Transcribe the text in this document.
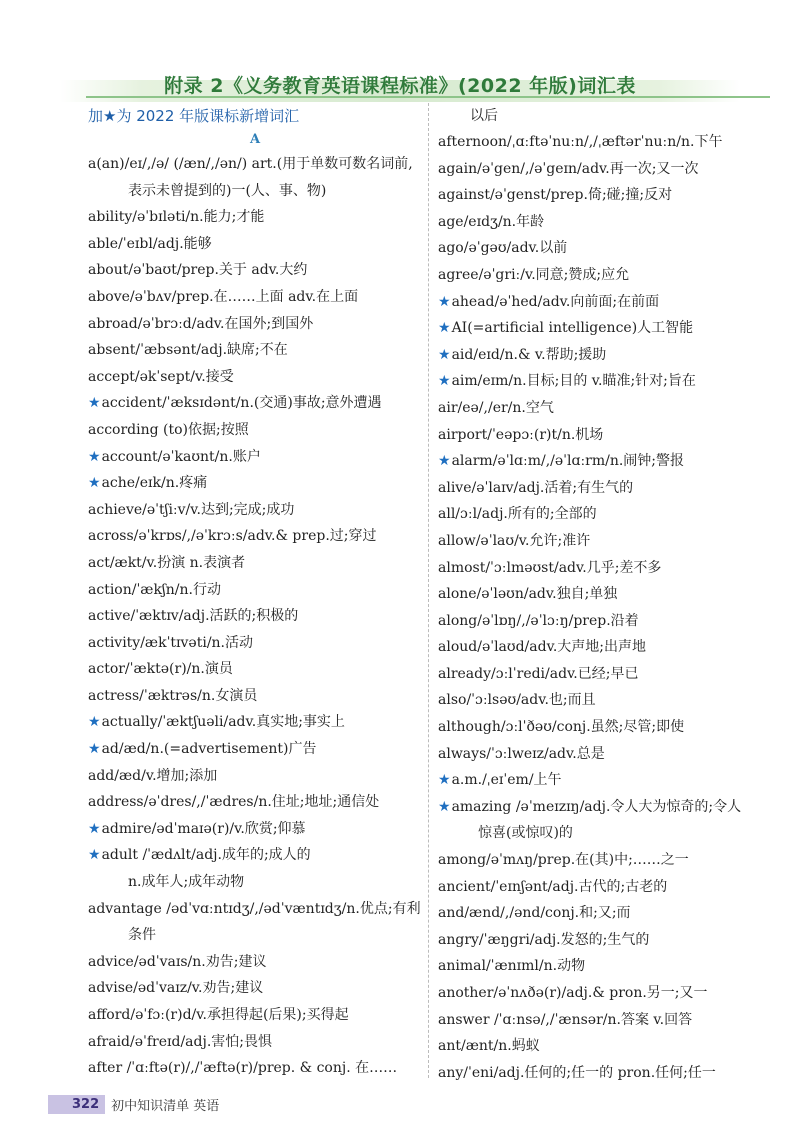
附录 2《义务教育英语课程标准》(2022 年版)词汇表
加★为 2022 年版课标新增词汇
A
a(an)/eɪ/,/ə/ (/æn/,/ən/) art.(用于单数可数名词前,表示未曾提到的)一(人、事、物)
ability/əˈbɪləti/n.能力;才能
able/ˈeɪbl/adj.能够
about/əˈbaʊt/prep.关于 adv.大约
above/əˈbʌv/prep.在……上面 adv.在上面
abroad/əˈbrɔːd/adv.在国外;到国外
absent/ˈæbsənt/adj.缺席;不在
accept/əkˈsept/v.接受
★accident/ˈæksɪdənt/n.(交通)事故;意外遭遇
according (to)依据;按照
★account/əˈkaʊnt/n.账户
★ache/eɪk/n.疼痛
achieve/əˈtʃiːv/v.达到;完成;成功
across/əˈkrɒs/,/əˈkrɔːs/adv.& prep.过;穿过
act/ækt/v.扮演 n.表演者
action/ˈækʃn/n.行动
active/ˈæktɪv/adj.活跃的;积极的
activity/ækˈtɪvəti/n.活动
actor/ˈæktə(r)/n.演员
actress/ˈæktrəs/n.女演员
★actually/ˈæktʃuəli/adv.真实地;事实上
★ad/æd/n.(=advertisement)广告
add/æd/v.增加;添加
address/əˈdres/,/ˈædres/n.住址;地址;通信处
★admire/ədˈmaɪə(r)/v.欣赏;仰慕
★adult /ˈædʌlt/adj.成年的;成人的
n.成年人;成年动物
advantage /ədˈvɑːntɪdʒ/,/ədˈvæntɪdʒ/n.优点;有利
条件
advice/ədˈvaɪs/n.劝告;建议
advise/ədˈvaɪz/v.劝告;建议
afford/əˈfɔː(r)d/v.承担得起(后果);买得起
afraid/əˈfreɪd/adj.害怕;畏惧
after /ˈɑːftə(r)/,/ˈæftə(r)/prep. & conj. 在……
以后
afternoon/ˌɑːftəˈnuːn/,/ˌæftərˈnuːn/n.下午
again/əˈgen/,/əˈgeɪn/adv.再一次;又一次
against/əˈgenst/prep.倚;碰;撞;反对
age/eɪdʒ/n.年龄
ago/əˈgəʊ/adv.以前
agree/əˈgriː/v.同意;赞成;应允
★ahead/əˈhed/adv.向前面;在前面
★AI(=artificial intelligence)人工智能
★aid/eɪd/n.& v.帮助;援助
★aim/eɪm/n.目标;目的 v.瞄准;针对;旨在
air/eə/,/er/n.空气
airport/ˈeəpɔː(r)t/n.机场
★alarm/əˈlɑːm/,/əˈlɑːrm/n.闹钟;警报
alive/əˈlaɪv/adj.活着;有生气的
all/ɔːl/adj.所有的;全部的
allow/əˈlaʊ/v.允许;准许
almost/ˈɔːlməʊst/adv.几乎;差不多
alone/əˈləʊn/adv.独自;单独
along/əˈlɒŋ/,/əˈlɔːŋ/prep.沿着
aloud/əˈlaʊd/adv.大声地;出声地
already/ɔːlˈredi/adv.已经;早已
also/ˈɔːlsəʊ/adv.也;而且
although/ɔːlˈðəʊ/conj.虽然;尽管;即使
always/ˈɔːlweɪz/adv.总是
★a.m./ˌeɪˈem/上午
★amazing /əˈmeɪzɪŋ/adj.令人大为惊奇的;令人
惊喜(或惊叹)的
among/əˈmʌŋ/prep.在(其)中;……之一
ancient/ˈeɪnʃənt/adj.古代的;古老的
and/ænd/,/ənd/conj.和;又;而
angry/ˈæŋgri/adj.发怒的;生气的
animal/ˈænɪml/n.动物
another/əˈnʌðə(r)/adj.& pron.另一;又一
answer /ˈɑːnsə/,/ˈænsər/n.答案 v.回答
ant/ænt/n.蚂蚁
any/ˈeni/adj.任何的;任一的 pron.任何;任一
322 初中知识清单 英语
